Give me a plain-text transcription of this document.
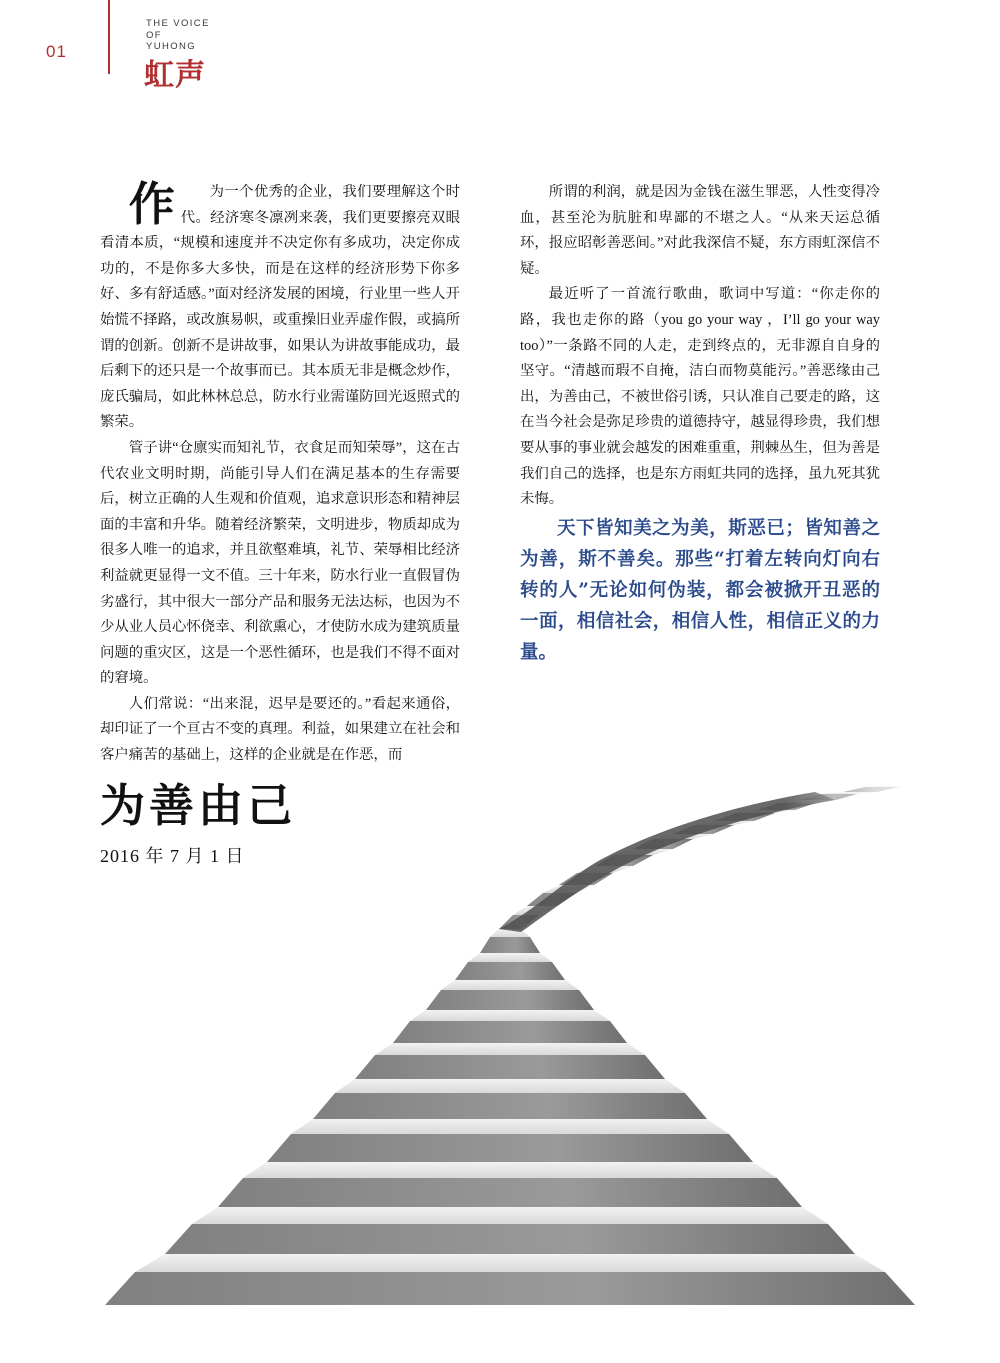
01
THE VOICE
OF
YUHONG
虹声

作 为一个优秀的企业，我们要理解这个时代。经济寒冬凛冽来袭，我们更要擦亮双眼看清本质，“规模和速度并不决定你有多成功，决定你成功的，不是你多大多快，而是在这样的经济形势下你多好、多有舒适感。”面对经济发展的困境，行业里一些人开始慌不择路，或改旗易帜，或重操旧业弄虚作假，或搞所谓的创新。创新不是讲故事，如果认为讲故事能成功，最后剩下的还只是一个故事而已。其本质无非是概念炒作，庞氏骗局，如此林林总总，防水行业需谨防回光返照式的繁荣。

管子讲“仓廪实而知礼节，衣食足而知荣辱”，这在古代农业文明时期，尚能引导人们在满足基本的生存需要后，树立正确的人生观和价值观，追求意识形态和精神层面的丰富和升华。随着经济繁荣，文明进步，物质却成为很多人唯一的追求，并且欲壑难填，礼节、荣辱相比经济利益就更显得一文不值。三十年来，防水行业一直假冒伪劣盛行，其中很大一部分产品和服务无法达标，也因为不少从业人员心怀侥幸、利欲熏心，才使防水成为建筑质量问题的重灾区，这是一个恶性循环，也是我们不得不面对的窘境。

人们常说：“出来混，迟早是要还的。”看起来通俗，却印证了一个亘古不变的真理。利益，如果建立在社会和客户痛苦的基础上，这样的企业就是在作恶，而

所谓的利润，就是因为金钱在滋生罪恶，人性变得冷血，甚至沦为肮脏和卑鄙的不堪之人。“从来天运总循环，报应昭彰善恶间。”对此我深信不疑，东方雨虹深信不疑。

最近听了一首流行歌曲，歌词中写道：“你走你的路，我也走你的路（you go your way ，I’ll go your way too）”一条路不同的人走，走到终点的，无非源自自身的坚守。“清越而瑕不自掩，洁白而物莫能污。”善恶缘由己出，为善由己，不被世俗引诱，只认准自己要走的路，这在当今社会是弥足珍贵的道德持守，越显得珍贵，我们想要从事的事业就会越发的困难重重，荆棘丛生，但为善是我们自己的选择，也是东方雨虹共同的选择，虽九死其犹未悔。

天下皆知美之为美，斯恶已；皆知善之为善，斯不善矣。那些“打着左转向灯向右转的人”无论如何伪装，都会被掀开丑恶的一面，相信社会，相信人性，相信正义的力量。

为善由己
2016 年 7 月 1 日
